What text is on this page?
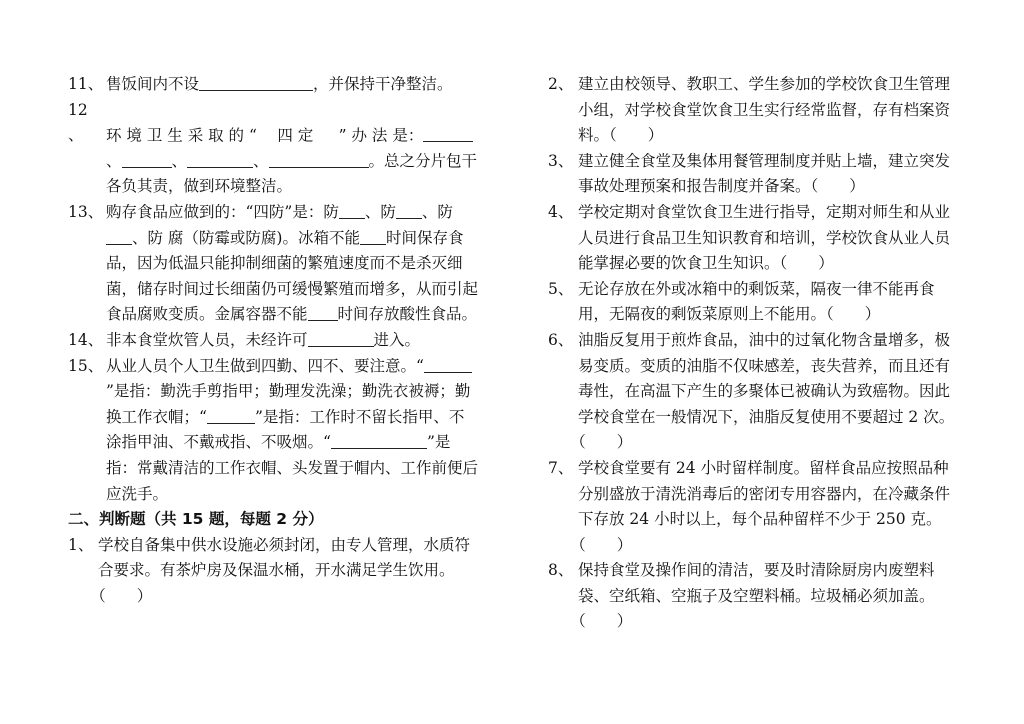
11、 售饭间内不设	，并保持干净整洁。

12 、 环 境 卫 生 采 取 的 “ 　四 定 　 ” 办 法 是：、	、	、	。总之分片包干各负其责，做到环境整洁。

13、 购存食品应做到的：“四防”是：防 、防 、防、防 腐（防霉或防腐)。冰箱不能 时间保存食品，因为低温只能抑制细菌的繁殖速度而不是杀灭细菌，储存时间过长细菌仍可缓慢繁殖而增多，从而引起食品腐败变质。金属容器不能 时间存放酸性食品。

14、 非本食堂炊管人员，未经许可	进入。

15、 从业人员个人卫生做到四勤、四不、要注意。“”是指：勤洗手剪指甲；勤理发洗澡；勤洗衣被褥；勤换工作衣帽；“	”是指：工作时不留长指甲、不涂指甲油、不戴戒指、不吸烟。“	”是指：常戴清洁的工作衣帽、头发置于帽内、工作前便后应洗手。

二、判断题（共 15 题，每题 2 分）

1、 学校自备集中供水设施必须封闭，由专人管理，水质符合要求。有茶炉房及保温水桶，开水满足学生饮用。（　　）

2、 建立由校领导、教职工、学生参加的学校饮食卫生管理小组，对学校食堂饮食卫生实行经常监督，存有档案资料。（　　）

3、 建立健全食堂及集体用餐管理制度并贴上墙，建立突发事故处理预案和报告制度并备案。（　　）

4、 学校定期对食堂饮食卫生进行指导，定期对师生和从业人员进行食品卫生知识教育和培训，学校饮食从业人员能掌握必要的饮食卫生知识。（　　）

5、 无论存放在外或冰箱中的剩饭菜，隔夜一律不能再食用，无隔夜的剩饭菜原则上不能用。（　　）

6、 油脂反复用于煎炸食品，油中的过氧化物含量增多，极易变质。变质的油脂不仅味感差，丧失营养，而且还有毒性，在高温下产生的多聚体已被确认为致癌物。因此学校食堂在一般情况下，油脂反复使用不要超过 2 次。（　　）

7、 学校食堂要有 24 小时留样制度。留样食品应按照品种分别盛放于清洗消毒后的密闭专用容器内，在冷藏条件下存放 24 小时以上，每个品种留样不少于 250 克。（　　）

8、 保持食堂及操作间的清洁，要及时清除厨房内废塑料袋、空纸箱、空瓶子及空塑料桶。垃圾桶必须加盖。（　　）
